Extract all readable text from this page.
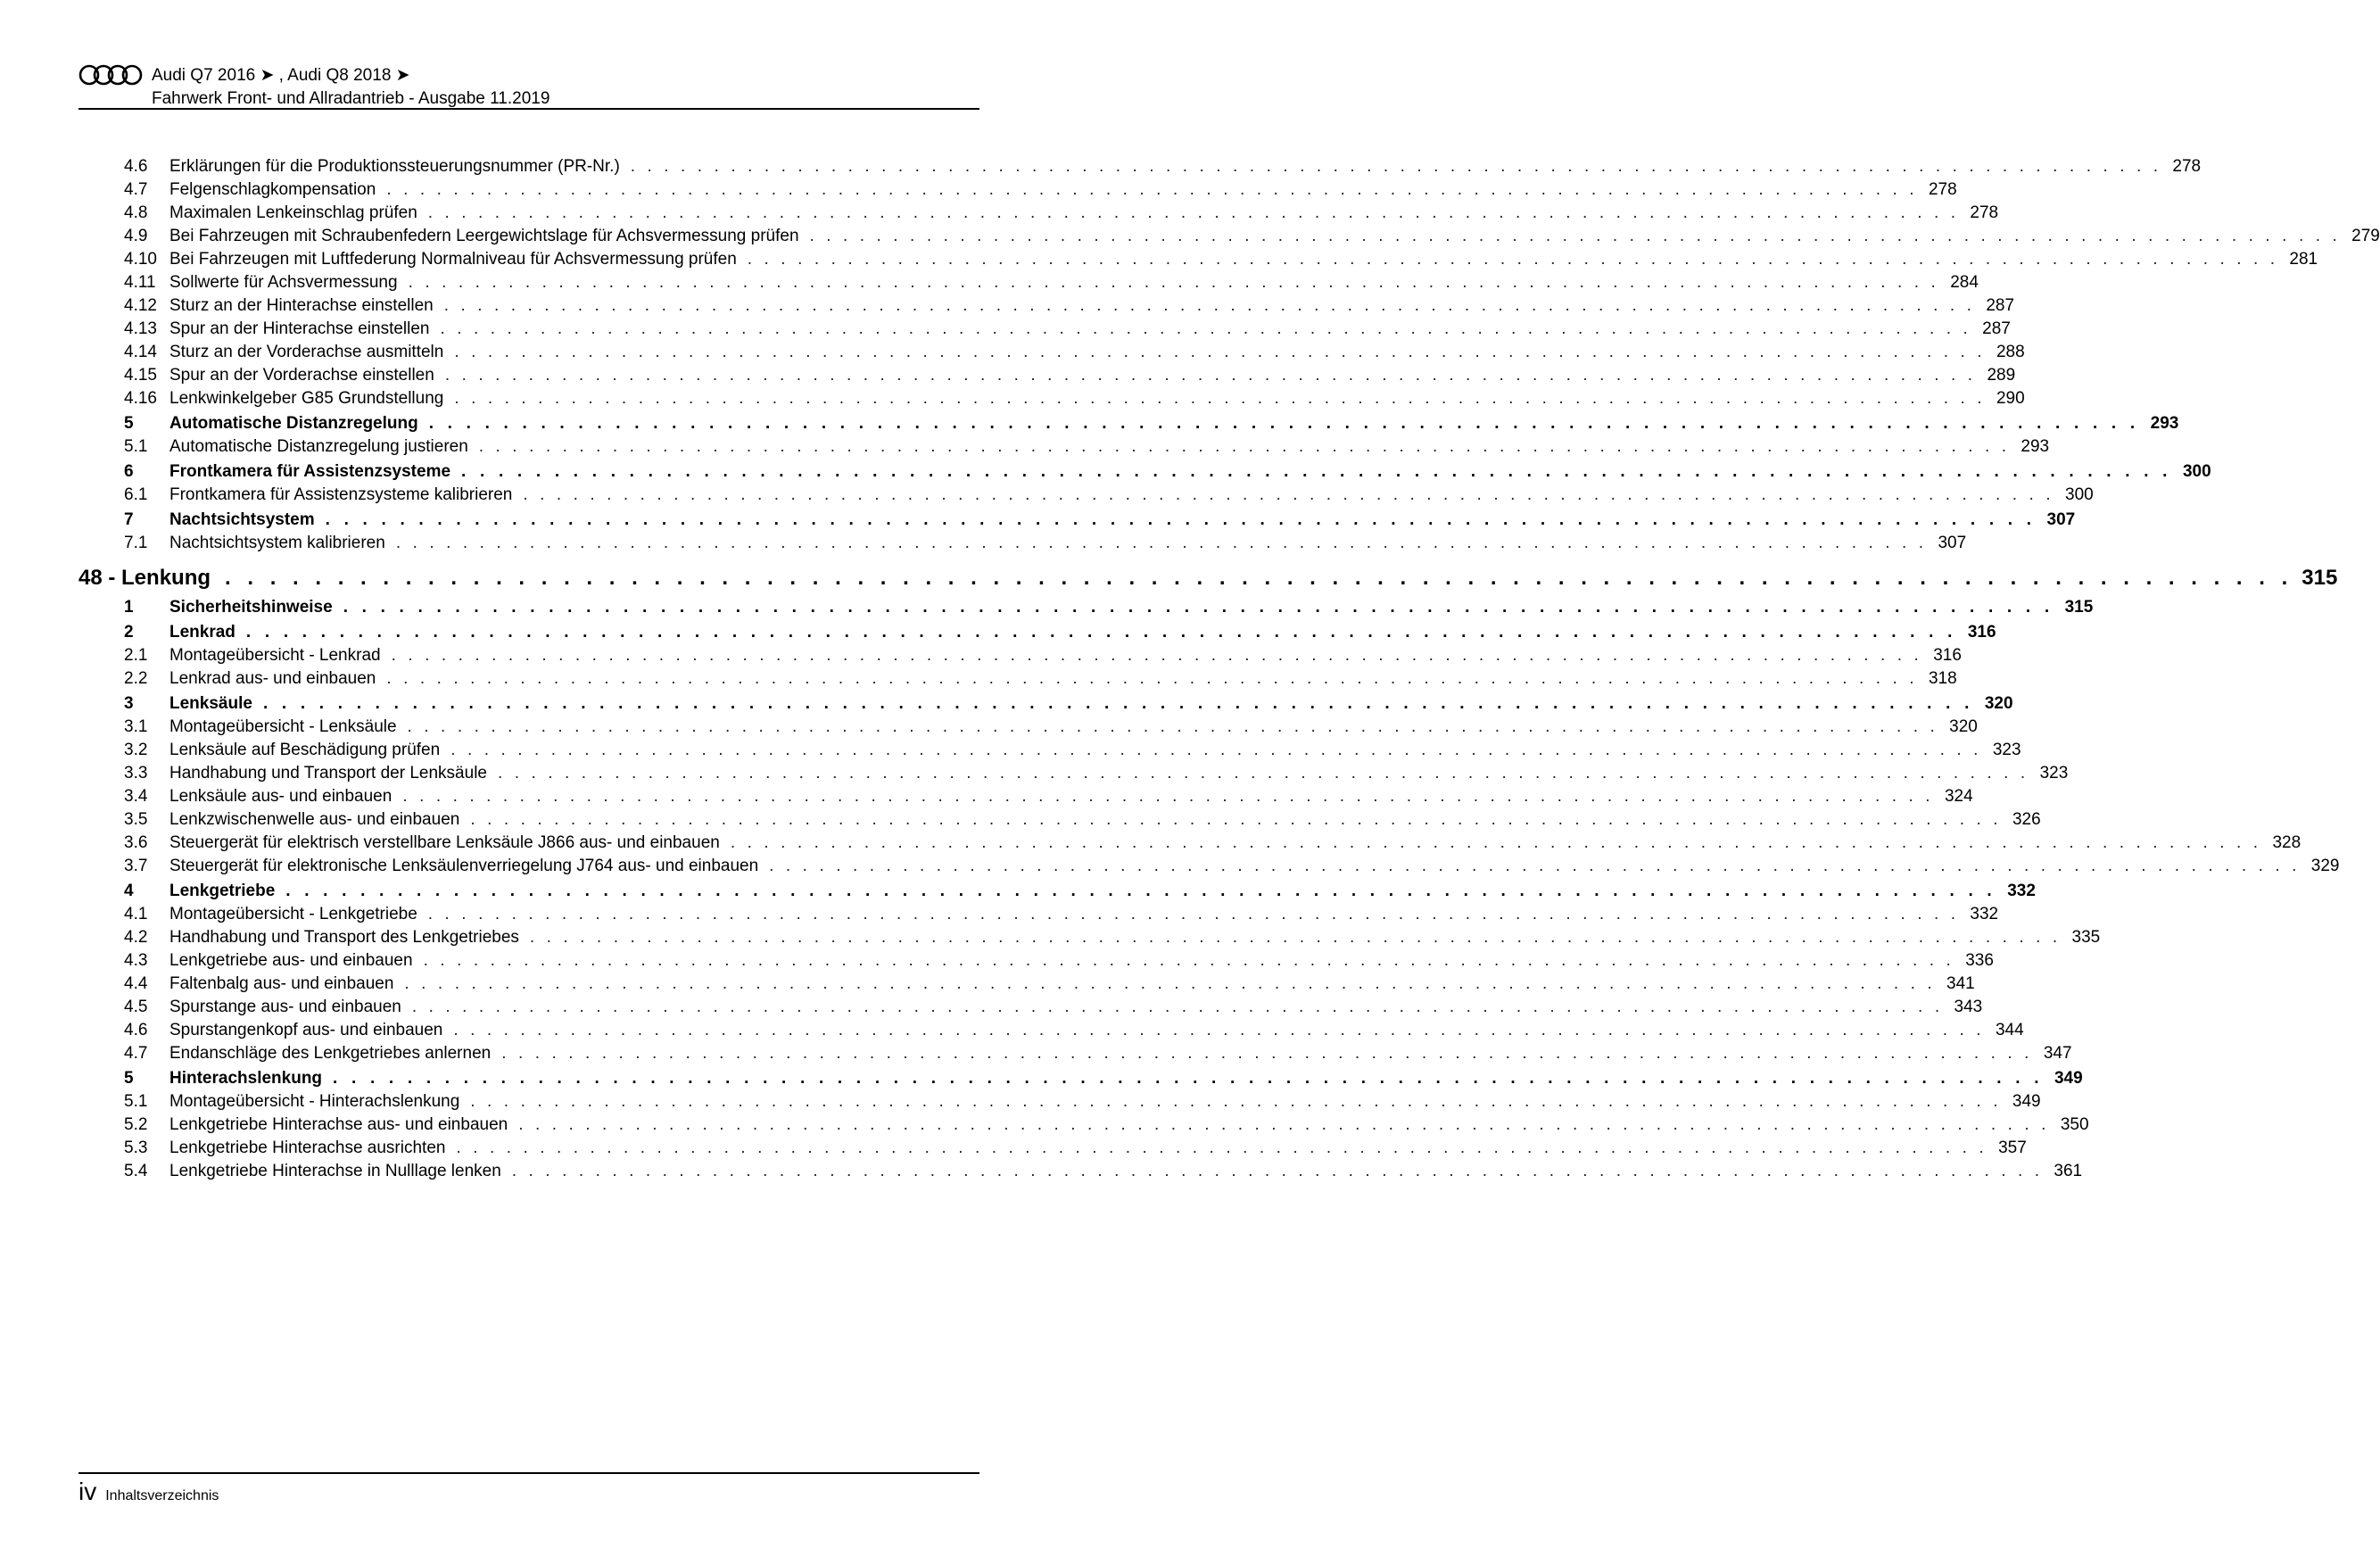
Audi Q7 2016 ➤ , Audi Q8 2018 ➤
Fahrwerk Front- und Allradantrieb - Ausgabe 11.2019
4.6	Erklärungen für die Produktionssteuerungsnummer (PR-Nr.) . . . . . . . . . . . . . . . . . . . . . . . . . . . . . . . . . . . . . . . . . . . . . . . . . . . . . . . . . . . . . . . . . . . . . . . . . . . . . . . . . . . . . . . . . . . . 278
4.7	Felgenschlagkompensation . . . . . . . . . . . . . . . . . . . . . . . . . . . . . . . . . . . . . . . . . . . . . . . . . . . . . . . . . . . . . . . . . . . . . . . . . . . . . . . . . . . . . . . . . . . . 278
4.8	Maximalen Lenkeinschlag prüfen . . . . . . . . . . . . . . . . . . . . . . . . . . . . . . . . . . . . . . . . . . . . . . . . . . . . . . . . . . . . . . . . . . . . . . . . . . . . . . . . . . . . . . . . . . . . 278
4.9	Bei Fahrzeugen mit Schraubenfedern Leergewichtslage für Achsvermessung prüfen . . . . . . . . . . . . . . . . . . . . . . . . . . . . . . . . . . . . . . . . . . . . . . . . . . . . . . . . . . . . . . . . . . . . . . . . . . . . . . . . . . . . . . . . . . . . 279
4.10 Bei Fahrzeugen mit Luftfederung Normalniveau für Achsvermessung prüfen . . . . . . . . . . . . . . . . . . . . . . . . . . . . . . . . . . . . . . . . . . . . . . . . . . . . . . . . . . . . . . . . . . . . . . . . . . . . . . . . . . . . . . . . . . . . 281
4.11 Sollwerte für Achsvermessung . . . . . . . . . . . . . . . . . . . . . . . . . . . . . . . . . . . . . . . . . . . . . . . . . . . . . . . . . . . . . . . . . . . . . . . . . . . . . . . . . . . . . . . . . . . . 284
4.12 Sturz an der Hinterachse einstellen . . . . . . . . . . . . . . . . . . . . . . . . . . . . . . . . . . . . . . . . . . . . . . . . . . . . . . . . . . . . . . . . . . . . . . . . . . . . . . . . . . . . . . . . . . . . 287
4.13 Spur an der Hinterachse einstellen . . . . . . . . . . . . . . . . . . . . . . . . . . . . . . . . . . . . . . . . . . . . . . . . . . . . . . . . . . . . . . . . . . . . . . . . . . . . . . . . . . . . . . . . . . . . 287
4.14 Sturz an der Vorderachse ausmitteln . . . . . . . . . . . . . . . . . . . . . . . . . . . . . . . . . . . . . . . . . . . . . . . . . . . . . . . . . . . . . . . . . . . . . . . . . . . . . . . . . . . . . . . . . . . . 288
4.15 Spur an der Vorderachse einstellen . . . . . . . . . . . . . . . . . . . . . . . . . . . . . . . . . . . . . . . . . . . . . . . . . . . . . . . . . . . . . . . . . . . . . . . . . . . . . . . . . . . . . . . . . . . . 289
4.16 Lenkwinkelgeber G85 Grundstellung . . . . . . . . . . . . . . . . . . . . . . . . . . . . . . . . . . . . . . . . . . . . . . . . . . . . . . . . . . . . . . . . . . . . . . . . . . . . . . . . . . . . . . . . . . . . 290
5	Automatische Distanzregelung . . . . . . . . . . . . . . . . . . . . . . . . . . . . . . . . . . . . . . . . . . . . . . . . . . . . . . . . . . . . . . . . . . . . . . . . . . . . . . . . . . . . . . . . . . . . 293
5.1	Automatische Distanzregelung justieren . . . . . . . . . . . . . . . . . . . . . . . . . . . . . . . . . . . . . . . . . . . . . . . . . . . . . . . . . . . . . . . . . . . . . . . . . . . . . . . . . . . . . . . . . . . . 293
6	Frontkamera für Assistenzsysteme . . . . . . . . . . . . . . . . . . . . . . . . . . . . . . . . . . . . . . . . . . . . . . . . . . . . . . . . . . . . . . . . . . . . . . . . . . . . . . . . . . . . . . . . . . . . 300
6.1	Frontkamera für Assistenzsysteme kalibrieren . . . . . . . . . . . . . . . . . . . . . . . . . . . . . . . . . . . . . . . . . . . . . . . . . . . . . . . . . . . . . . . . . . . . . . . . . . . . . . . . . . . . . . . . . . . . 300
7	Nachtsichtsystem . . . . . . . . . . . . . . . . . . . . . . . . . . . . . . . . . . . . . . . . . . . . . . . . . . . . . . . . . . . . . . . . . . . . . . . . . . . . . . . . . . . . . . . . . . . . 307
7.1	Nachtsichtsystem kalibrieren . . . . . . . . . . . . . . . . . . . . . . . . . . . . . . . . . . . . . . . . . . . . . . . . . . . . . . . . . . . . . . . . . . . . . . . . . . . . . . . . . . . . . . . . . . . . 307
48 - Lenkung . . . . . . . . . . . . . . . . . . . . . . . . . . . . . . . . . . . . . . . . . . . . . . . . . . . . . . . . . . . . . . . . . . . . . . . . . . . . . . . . . . . . . . . . . . . . 315
1	Sicherheitshinweise . . . . . . . . . . . . . . . . . . . . . . . . . . . . . . . . . . . . . . . . . . . . . . . . . . . . . . . . . . . . . . . . . . . . . . . . . . . . . . . . . . . . . . . . . . . . 315
2	Lenkrad . . . . . . . . . . . . . . . . . . . . . . . . . . . . . . . . . . . . . . . . . . . . . . . . . . . . . . . . . . . . . . . . . . . . . . . . . . . . . . . . . . . . . . . . . . . . 316
2.1	Montageübersicht - Lenkrad . . . . . . . . . . . . . . . . . . . . . . . . . . . . . . . . . . . . . . . . . . . . . . . . . . . . . . . . . . . . . . . . . . . . . . . . . . . . . . . . . . . . . . . . . . . . 316
2.2	Lenkrad aus- und einbauen . . . . . . . . . . . . . . . . . . . . . . . . . . . . . . . . . . . . . . . . . . . . . . . . . . . . . . . . . . . . . . . . . . . . . . . . . . . . . . . . . . . . . . . . . . . . 318
3	Lenksäule . . . . . . . . . . . . . . . . . . . . . . . . . . . . . . . . . . . . . . . . . . . . . . . . . . . . . . . . . . . . . . . . . . . . . . . . . . . . . . . . . . . . . . . . . . . . 320
3.1	Montageübersicht - Lenksäule . . . . . . . . . . . . . . . . . . . . . . . . . . . . . . . . . . . . . . . . . . . . . . . . . . . . . . . . . . . . . . . . . . . . . . . . . . . . . . . . . . . . . . . . . . . . 320
3.2	Lenksäule auf Beschädigung prüfen . . . . . . . . . . . . . . . . . . . . . . . . . . . . . . . . . . . . . . . . . . . . . . . . . . . . . . . . . . . . . . . . . . . . . . . . . . . . . . . . . . . . . . . . . . . . 323
3.3	Handhabung und Transport der Lenksäule . . . . . . . . . . . . . . . . . . . . . . . . . . . . . . . . . . . . . . . . . . . . . . . . . . . . . . . . . . . . . . . . . . . . . . . . . . . . . . . . . . . . . . . . . . . . 323
3.4	Lenksäule aus- und einbauen . . . . . . . . . . . . . . . . . . . . . . . . . . . . . . . . . . . . . . . . . . . . . . . . . . . . . . . . . . . . . . . . . . . . . . . . . . . . . . . . . . . . . . . . . . . . 324
3.5	Lenkzwischenwelle aus- und einbauen . . . . . . . . . . . . . . . . . . . . . . . . . . . . . . . . . . . . . . . . . . . . . . . . . . . . . . . . . . . . . . . . . . . . . . . . . . . . . . . . . . . . . . . . . . . . 326
3.6	Steuergerät für elektrisch verstellbare Lenksäule J866 aus- und einbauen . . . . . . . . . . . . . . . . . . . . . . . . . . . . . . . . . . . . . . . . . . . . . . . . . . . . . . . . . . . . . . . . . . . . . . . . . . . . . . . . . . . . . . . . . . . . 328
3.7	Steuergerät für elektronische Lenksäulenverriegelung J764 aus- und einbauen . . . . . . . . . . . . . . . . . . . . . . . . . . . . . . . . . . . . . . . . . . . . . . . . . . . . . . . . . . . . . . . . . . . . . . . . . . . . . . . . . . . . . . . . . . . . 329
4	Lenkgetriebe . . . . . . . . . . . . . . . . . . . . . . . . . . . . . . . . . . . . . . . . . . . . . . . . . . . . . . . . . . . . . . . . . . . . . . . . . . . . . . . . . . . . . . . . . . . . 332
4.1	Montageübersicht - Lenkgetriebe . . . . . . . . . . . . . . . . . . . . . . . . . . . . . . . . . . . . . . . . . . . . . . . . . . . . . . . . . . . . . . . . . . . . . . . . . . . . . . . . . . . . . . . . . . . . 332
4.2	Handhabung und Transport des Lenkgetriebes . . . . . . . . . . . . . . . . . . . . . . . . . . . . . . . . . . . . . . . . . . . . . . . . . . . . . . . . . . . . . . . . . . . . . . . . . . . . . . . . . . . . . . . . . . . . 335
4.3	Lenkgetriebe aus- und einbauen . . . . . . . . . . . . . . . . . . . . . . . . . . . . . . . . . . . . . . . . . . . . . . . . . . . . . . . . . . . . . . . . . . . . . . . . . . . . . . . . . . . . . . . . . . . . 336
4.4	Faltenbalg aus- und einbauen . . . . . . . . . . . . . . . . . . . . . . . . . . . . . . . . . . . . . . . . . . . . . . . . . . . . . . . . . . . . . . . . . . . . . . . . . . . . . . . . . . . . . . . . . . . . 341
4.5	Spurstange aus- und einbauen . . . . . . . . . . . . . . . . . . . . . . . . . . . . . . . . . . . . . . . . . . . . . . . . . . . . . . . . . . . . . . . . . . . . . . . . . . . . . . . . . . . . . . . . . . . . 343
4.6	Spurstangenkopf aus- und einbauen . . . . . . . . . . . . . . . . . . . . . . . . . . . . . . . . . . . . . . . . . . . . . . . . . . . . . . . . . . . . . . . . . . . . . . . . . . . . . . . . . . . . . . . . . . . . 344
4.7	Endanschläge des Lenkgetriebes anlernen . . . . . . . . . . . . . . . . . . . . . . . . . . . . . . . . . . . . . . . . . . . . . . . . . . . . . . . . . . . . . . . . . . . . . . . . . . . . . . . . . . . . . . . . . . . . 347
5	Hinterachslenkung . . . . . . . . . . . . . . . . . . . . . . . . . . . . . . . . . . . . . . . . . . . . . . . . . . . . . . . . . . . . . . . . . . . . . . . . . . . . . . . . . . . . . . . . . . . . 349
5.1	Montageübersicht - Hinterachslenkung . . . . . . . . . . . . . . . . . . . . . . . . . . . . . . . . . . . . . . . . . . . . . . . . . . . . . . . . . . . . . . . . . . . . . . . . . . . . . . . . . . . . . . . . . . . . 349
5.2	Lenkgetriebe Hinterachse aus- und einbauen . . . . . . . . . . . . . . . . . . . . . . . . . . . . . . . . . . . . . . . . . . . . . . . . . . . . . . . . . . . . . . . . . . . . . . . . . . . . . . . . . . . . . . . . . . . . 350
5.3	Lenkgetriebe Hinterachse ausrichten . . . . . . . . . . . . . . . . . . . . . . . . . . . . . . . . . . . . . . . . . . . . . . . . . . . . . . . . . . . . . . . . . . . . . . . . . . . . . . . . . . . . . . . . . . . . 357
5.4	Lenkgetriebe Hinterachse in Nulllage lenken . . . . . . . . . . . . . . . . . . . . . . . . . . . . . . . . . . . . . . . . . . . . . . . . . . . . . . . . . . . . . . . . . . . . . . . . . . . . . . . . . . . . . . . . . . . . 361
iv Inhaltsverzeichnis
